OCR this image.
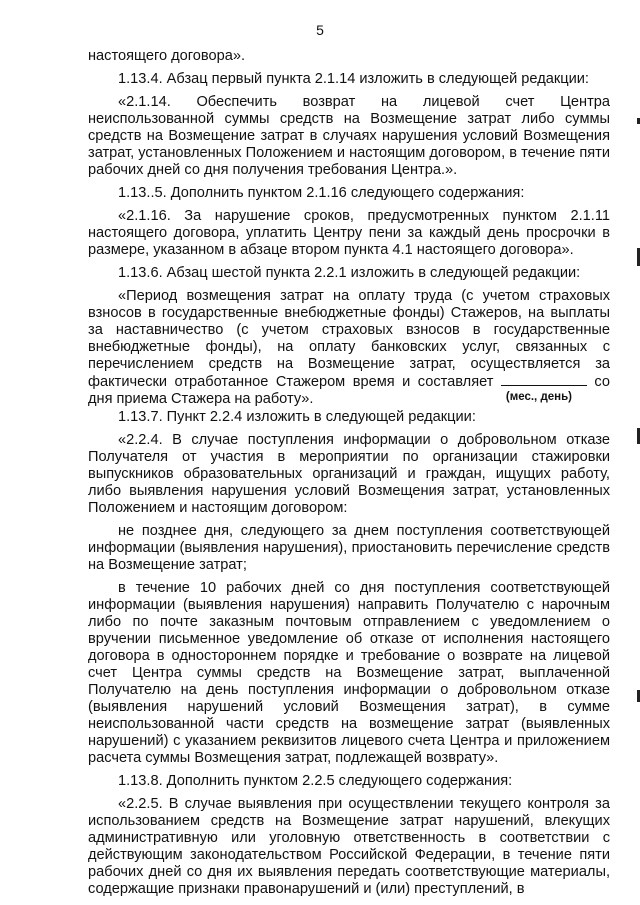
5

настоящего договора».

1.13.4. Абзац первый пункта 2.1.14 изложить в следующей редакции:

«2.1.14. Обеспечить возврат на лицевой счет Центра неиспользованной суммы средств на Возмещение затрат либо суммы средств на Возмещение затрат в случаях нарушения условий Возмещения затрат, установленных Положением и настоящим договором, в течение пяти рабочих дней со дня получения требования Центра.».

1.13..5. Дополнить пунктом 2.1.16 следующего содержания:

«2.1.16. За нарушение сроков, предусмотренных пунктом 2.1.11 настоящего договора, уплатить Центру пени за каждый день просрочки в размере, указанном в абзаце втором пункта 4.1 настоящего договора».

1.13.6. Абзац шестой пункта 2.2.1 изложить в следующей редакции:

«Период возмещения затрат на оплату труда (с учетом страховых взносов в государственные внебюджетные фонды) Стажеров, на выплаты за наставничество (с учетом страховых взносов в государственные внебюджетные фонды), на оплату банковских услуг, связанных с перечислением средств на Возмещение затрат, осуществляется за фактически отработанное Стажером время и составляет	со дня приема Стажера на работу».	(мес., день)

1.13.7. Пункт 2.2.4 изложить в следующей редакции:

«2.2.4. В случае поступления информации о добровольном отказе Получателя от участия в мероприятии по организации стажировки выпускников образовательных организаций и граждан, ищущих работу, либо выявления нарушения условий Возмещения затрат, установленных Положением и настоящим договором:

не позднее дня, следующего за днем поступления соответствующей информации (выявления нарушения), приостановить перечисление средств на Возмещение затрат;

в течение 10 рабочих дней со дня поступления соответствующей информации (выявления нарушения) направить Получателю с нарочным либо по почте заказным почтовым отправлением с уведомлением о вручении письменное уведомление об отказе от исполнения настоящего договора в одностороннем порядке и требование о возврате на лицевой счет Центра суммы средств на Возмещение затрат, выплаченной Получателю на день поступления информации о добровольном отказе (выявления нарушений условий Возмещения затрат), в сумме неиспользованной части средств на возмещение затрат (выявленных нарушений) с указанием реквизитов лицевого счета Центра и приложением расчета суммы Возмещения затрат, подлежащей возврату».

1.13.8. Дополнить пунктом 2.2.5 следующего содержания:

«2.2.5. В случае выявления при осуществлении текущего контроля за использованием средств на Возмещение затрат нарушений, влекущих административную или уголовную ответственность в соответствии с действующим законодательством Российской Федерации, в течение пяти рабочих дней со дня их выявления передать соответствующие материалы, содержащие признаки правонарушений и (или) преступлений, в
